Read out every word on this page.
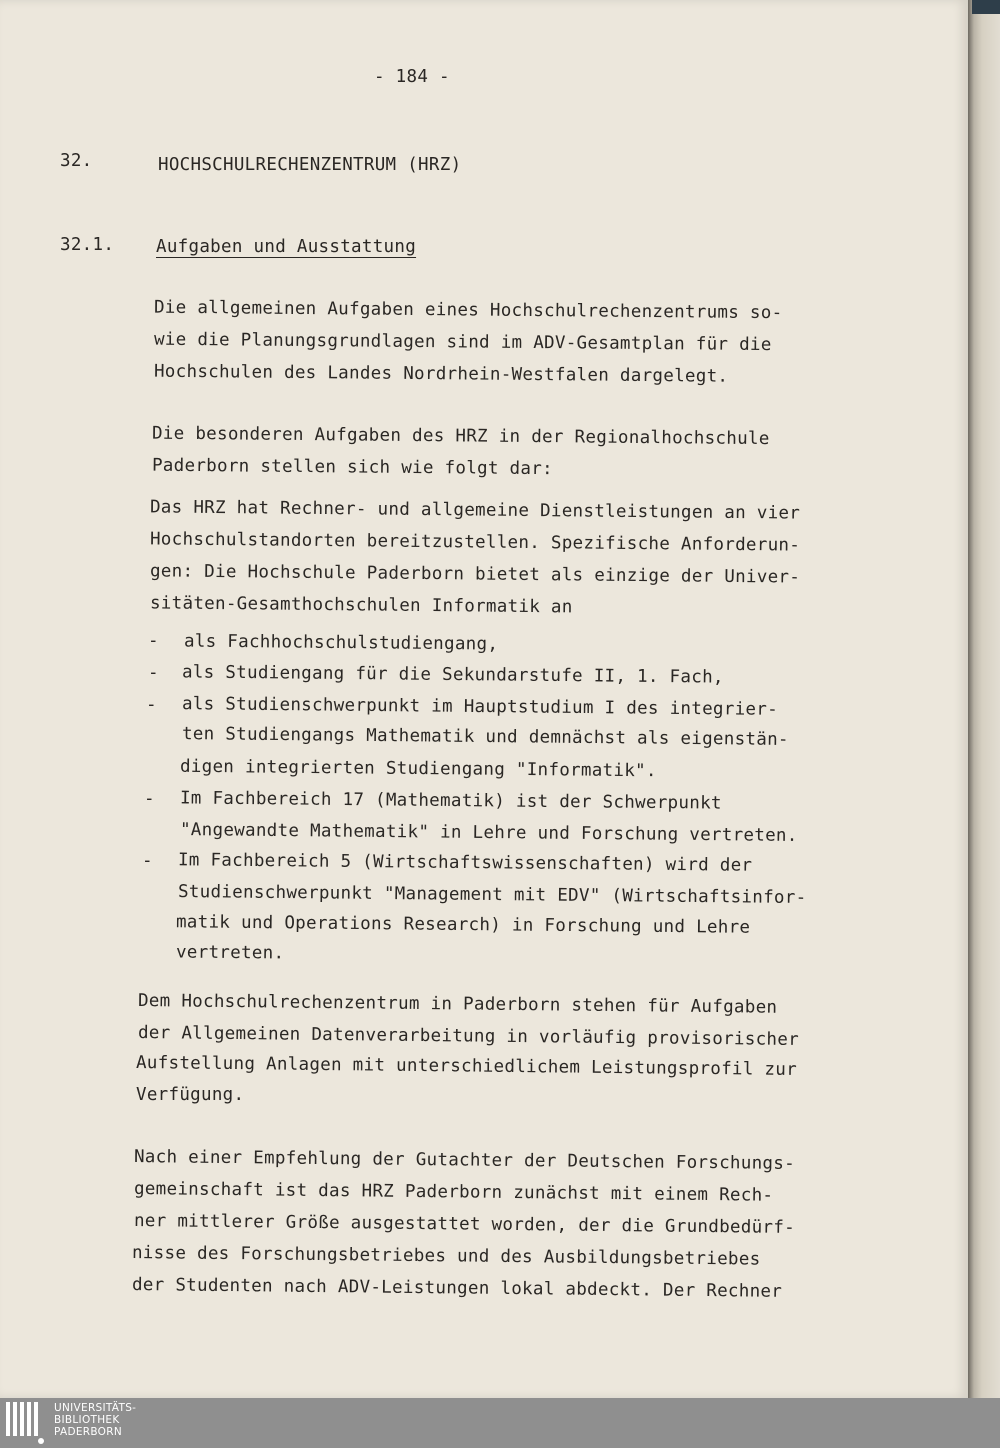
- 184 -

32.	HOCHSCHULRECHENZENTRUM (HRZ)

32.1. Aufgaben und Ausstattung

Die allgemeinen Aufgaben eines Hochschulrechenzentrums so-

wie die Planungsgrundlagen sind im ADV-Gesamtplan für die

Hochschulen des Landes Nordrhein-Westfalen dargelegt.

Die besonderen Aufgaben des HRZ in der Regionalhochschule

Paderborn stellen sich wie folgt dar:

Das HRZ hat Rechner- und allgemeine Dienstleistungen an vier

Hochschulstandorten bereitzustellen. Spezifische Anforderun-

gen: Die Hochschule Paderborn bietet als einzige der Univer-

sitäten-Gesamthochschulen Informatik an

- als Fachhochschulstudiengang,

- als Studiengang für die Sekundarstufe II, 1. Fach,

- als Studienschwerpunkt im Hauptstudium I des integrier-

ten Studiengangs Mathematik und demnächst als eigenstän-

digen integrierten Studiengang "Informatik".

- Im Fachbereich 17 (Mathematik) ist der Schwerpunkt

"Angewandte Mathematik" in Lehre und Forschung vertreten.

- Im Fachbereich 5 (Wirtschaftswissenschaften) wird der

Studienschwerpunkt "Management mit EDV" (Wirtschaftsinfor-

matik und Operations Research) in Forschung und Lehre

vertreten.

Dem Hochschulrechenzentrum in Paderborn stehen für Aufgaben

der Allgemeinen Datenverarbeitung in vorläufig provisorischer

Aufstellung Anlagen mit unterschiedlichem Leistungsprofil zur

Verfügung.

Nach einer Empfehlung der Gutachter der Deutschen Forschungs-

gemeinschaft ist das HRZ Paderborn zunächst mit einem Rech-

ner mittlerer Größe ausgestattet worden, der die Grundbedürf-

nisse des Forschungsbetriebes und des Ausbildungsbetriebes

der Studenten nach ADV-Leistungen lokal abdeckt. Der Rechner

UNIVERSITÄTS-
BIBLIOTHEK
PADERBORN
